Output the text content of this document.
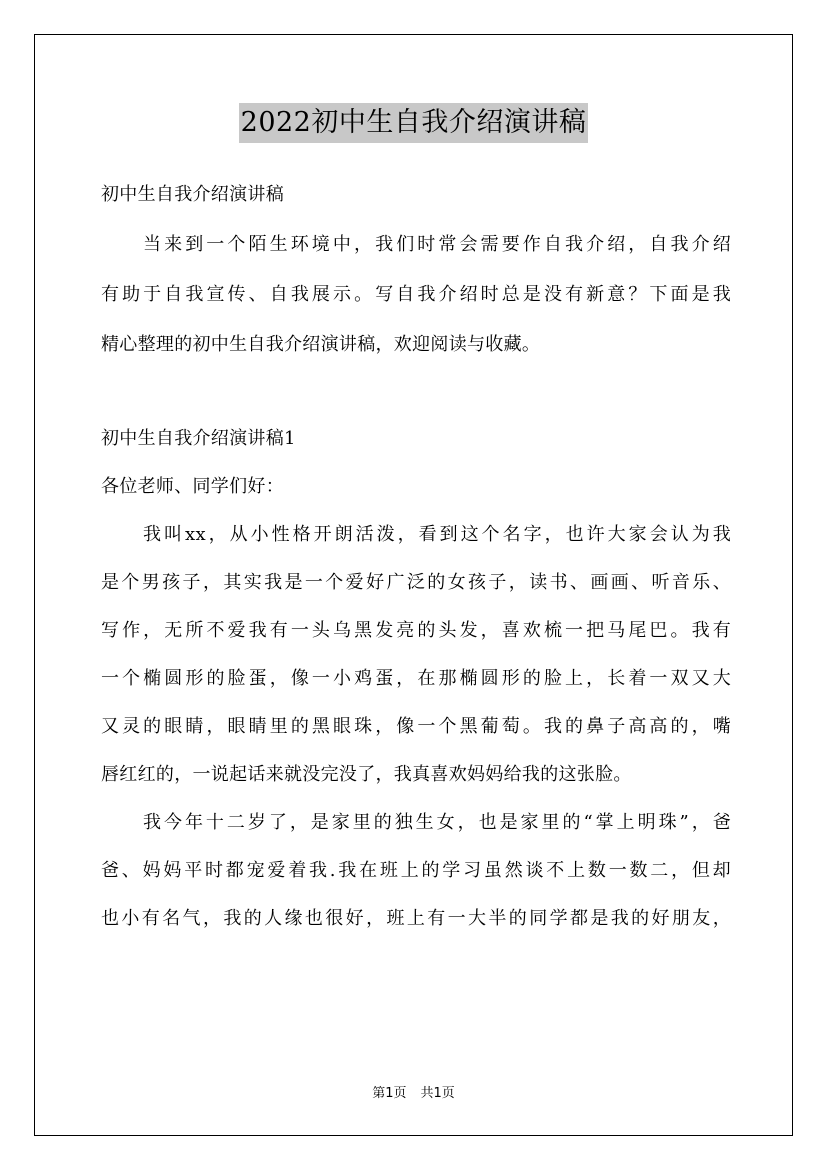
2022初中生自我介绍演讲稿
初中生自我介绍演讲稿
当来到一个陌生环境中，我们时常会需要作自我介绍，自我介绍
有助于自我宣传、自我展示。写自我介绍时总是没有新意？下面是我
精心整理的初中生自我介绍演讲稿，欢迎阅读与收藏。
初中生自我介绍演讲稿1
各位老师、同学们好：
我叫xx，从小性格开朗活泼，看到这个名字，也许大家会认为我
是个男孩子，其实我是一个爱好广泛的女孩子，读书、画画、听音乐、
写作，无所不爱我有一头乌黑发亮的头发，喜欢梳一把马尾巴。我有
一个椭圆形的脸蛋，像一小鸡蛋，在那椭圆形的脸上，长着一双又大
又灵的眼睛，眼睛里的黑眼珠，像一个黑葡萄。我的鼻子高高的，嘴
唇红红的，一说起话来就没完没了，我真喜欢妈妈给我的这张脸。
我今年十二岁了，是家里的独生女，也是家里的“掌上明珠”，爸
爸、妈妈平时都宠爱着我.我在班上的学习虽然谈不上数一数二，但却
也小有名气，我的人缘也很好，班上有一大半的同学都是我的好朋友，
第1页 共1页
